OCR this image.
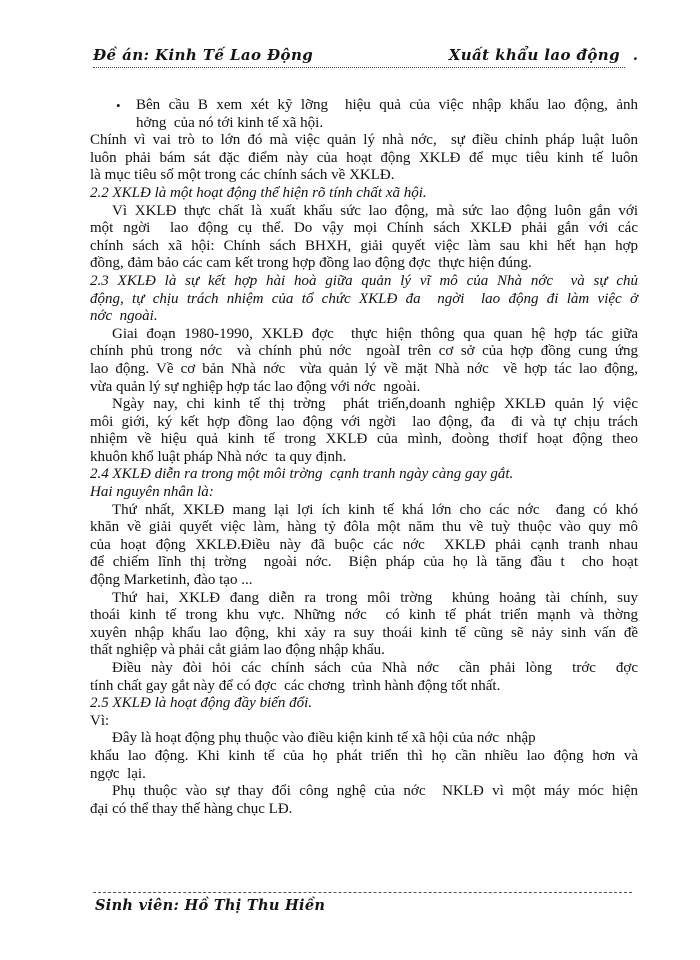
Đề án: Kinh Tế Lao Động	Xuất khẩu lao động .
• Bên cầu B xem xét kỹ lỡng  hiệu quả của việc nhập khẩu lao động, ảnh
hởng  của nó tới kinh tế xã hội.
Chính vì vai trò to lớn đó mà việc quản lý nhà nớc,  sự điều chỉnh pháp luật luôn
luôn phải bám sát đặc điểm này của hoạt động XKLĐ để mục tiêu kinh tế luôn
là mục tiêu số một trong các chính sách về XKLĐ.
2.2 XKLĐ là một hoạt động thể hiện rõ tính chất xã hội.
Vì XKLĐ thực chất là xuất khẩu sức lao động, mà sức lao động luôn gắn với
một ngời  lao động cụ thể. Do vậy mọi Chính sách XKLĐ phải gắn với các
chính sách xã hội: Chính sách BHXH, giải quyết việc làm sau khi hết hạn hợp
đồng, đảm bảo các cam kết trong hợp đồng lao động đợc  thực hiện đúng.
2.3 XKLĐ là sự kết hợp hài hoà giữa quản lý vĩ mô của Nhà nớc  và sự chủ
động, tự chịu trách nhiệm của tổ chức XKLĐ đa  ngời  lao động đi làm việc ở
nớc  ngoài.
Giai đoạn 1980-1990, XKLĐ đợc  thực hiện thông qua quan hệ hợp tác giữa
chính phủ trong nớc  và chính phủ nớc  ngoàI trên cơ sở của hợp đồng cung ứng
lao động. Về cơ bản Nhà nớc  vừa quản lý về mặt Nhà nớc  về hợp tác lao động,
vừa quản lý sự nghiệp hợp tác lao động với nớc  ngoài.
Ngày nay, chi kinh tế thị trờng  phát triển,doanh nghiệp XKLĐ quản lý việc
môi giới, ký kết hợp đồng lao động với ngời  lao động, đa  đi và tự chịu trách
nhiệm về hiệu quả kinh tế trong XKLĐ của mình, đoòng thơif hoạt động theo
khuôn khổ luật pháp Nhà nớc  ta quy định.
2.4 XKLĐ diễn ra trong một môi trờng  cạnh tranh ngày càng gay gắt.
Hai nguyên nhân là:
Thứ nhất, XKLĐ mang lại lợi ích kinh tế khá lớn cho các nớc  đang có khó
khăn về giải quyết việc làm, hàng tỷ đôla một năm thu về tuỳ thuộc vào quy mô
của hoạt động XKLĐ.Điều này đã buộc các nớc  XKLĐ phải cạnh tranh nhau
để chiếm lĩnh thị trờng  ngoài nớc.  Biện pháp của họ là tăng đầu t  cho hoạt
động Marketinh, đào tạo ...
Thứ hai, XKLĐ đang diễn ra trong môi trờng  khủng hoảng tài chính, suy
thoái kinh tế trong khu vực. Những nớc  có kinh tế phát triển mạnh và thờng
xuyên nhập khẩu lao động, khi xảy ra suy thoái kinh tế cũng sẽ nảy sinh vấn đề
thất nghiệp và phải cắt giảm lao động nhập khẩu.
Điều này đòi hỏi các chính sách của Nhà nớc  cần phải lòng  trớc  đợc
tính chất gay gắt này để có đợc  các chơng  trình hành động tốt nhất.
2.5 XKLĐ là hoạt động đầy biến đổi.
Vì:
Đây là hoạt động phụ thuộc vào điều kiện kinh tế xã hội của nớc  nhập
khẩu lao động. Khi kinh tế của họ phát triển thì họ cần nhiều lao động hơn và
ngợc  lại.
Phụ thuộc vào sự thay đổi công nghệ của nớc  NKLĐ vì một máy móc hiện
đại có thể thay thế hàng chục LĐ.
Sinh viên: Hồ Thị Thu Hiền
